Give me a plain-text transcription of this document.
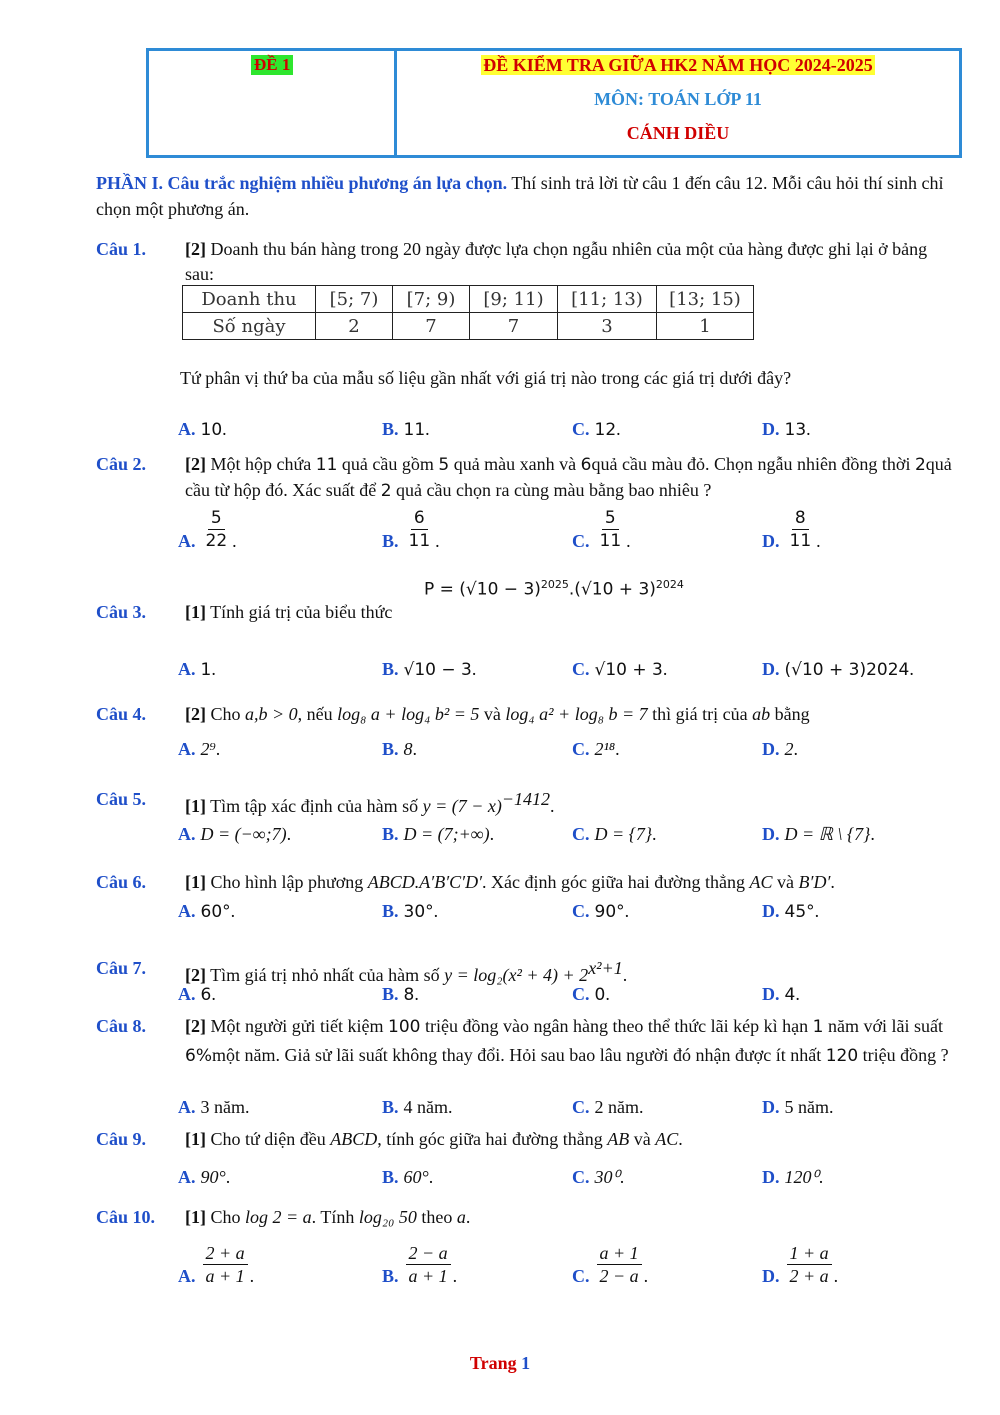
ĐỀ 1	ĐỀ KIỂM TRA GIỮA HK2 NĂM HỌC 2024-2025
MÔN: TOÁN LỚP 11
CÁNH DIỀU
PHẦN I. Câu trắc nghiệm nhiều phương án lựa chọn. Thí sinh trả lời từ câu 1 đến câu 12. Mỗi câu hỏi thí sinh chỉ chọn một phương án.
Câu 1.	[2] Doanh thu bán hàng trong 20 ngày được lựa chọn ngẫu nhiên của một của hàng được ghi lại ở bảng sau:
Doanh thu	[5; 7)	[7; 9)	[9; 11)	[11; 13)	[13; 15)
Số ngày	2	7	7	3	1
Tứ phân vị thứ ba của mẫu số liệu gần nhất với giá trị nào trong các giá trị dưới đây?
A. 10 .	B. 11 .	C. 12 .	D. 13 .
Câu 2.	[2] Một hộp chứa 11 quả cầu gồm 5 quả màu xanh và 6quả cầu màu đỏ. Chọn ngẫu nhiên đồng thời 2quả cầu từ hộp đó. Xác suất để 2 quả cầu chọn ra cùng màu bằng bao nhiêu ?
A. $\frac{5}{22}$ .	B. $\frac{6}{11}$ .	C. $\frac{5}{11}$ .	D. $\frac{8}{11}$ .
Câu 3.	[1] Tính giá trị của biểu thức
$P = (√10 - 3)^{2025}.(√10 + 3)^{2024}$
A. 1 .	B. √10 − 3 .	C. √10 + 3 .	D. (√10 + 3) 2024 .
Câu 4.	[2] Cho a,b > 0, nếu log₈ a + log₄ b² = 5 và log₄ a² + log₈ b = 7 thì giá trị của ab bằng
A. 2⁹ .	B. 8 .	C. 2¹⁸ .	D. 2 .
Câu 5.	[1] Tìm tập xác định của hàm số $y = (7 - x)^{-1412}$.
A. D = (−∞;7) .	B. D = (7;+∞) .	C. D = {7} .	D. D = ℝ \ {7} .
Câu 6.	[1] Cho hình lập phương ABCD.A′B′C′D′. Xác định góc giữa hai đường thẳng AC và B′D′.
A. 60° .	B. 30° .	C. 90° .	D. 45° .
Câu 7.	[2] Tìm giá trị nhỏ nhất của hàm số $y = \log_2(x^2 + 4) + 2^{x^2+1}$.
A. 6 .	B. 8 .	C. 0 .	D. 4 .
Câu 8.	[2] Một người gửi tiết kiệm 100 triệu đồng vào ngân hàng theo thể thức lãi kép kì hạn 1 năm với lãi suất 6%một năm. Giả sử lãi suất không thay đổi. Hỏi sau bao lâu người đó nhận được ít nhất 120 triệu đồng ?
A. 3 năm.	B. 4 năm.	C. 2 năm.	D. 5 năm.
Câu 9.	[1] Cho tứ diện đều ABCD, tính góc giữa hai đường thẳng AB và AC.
A. 90° .	B. 60° .	C. 30⁰ .	D. 120⁰ .
Câu 10.	[1] Cho log 2 = a. Tính log₂₀ 50 theo a.
A. $\frac{2 + a}{a + 1}$ .	B. $\frac{2 - a}{a + 1}$ .	C. $\frac{a + 1}{2 - a}$ .	D. $\frac{1 + a}{2 + a}$ .
Trang 1
